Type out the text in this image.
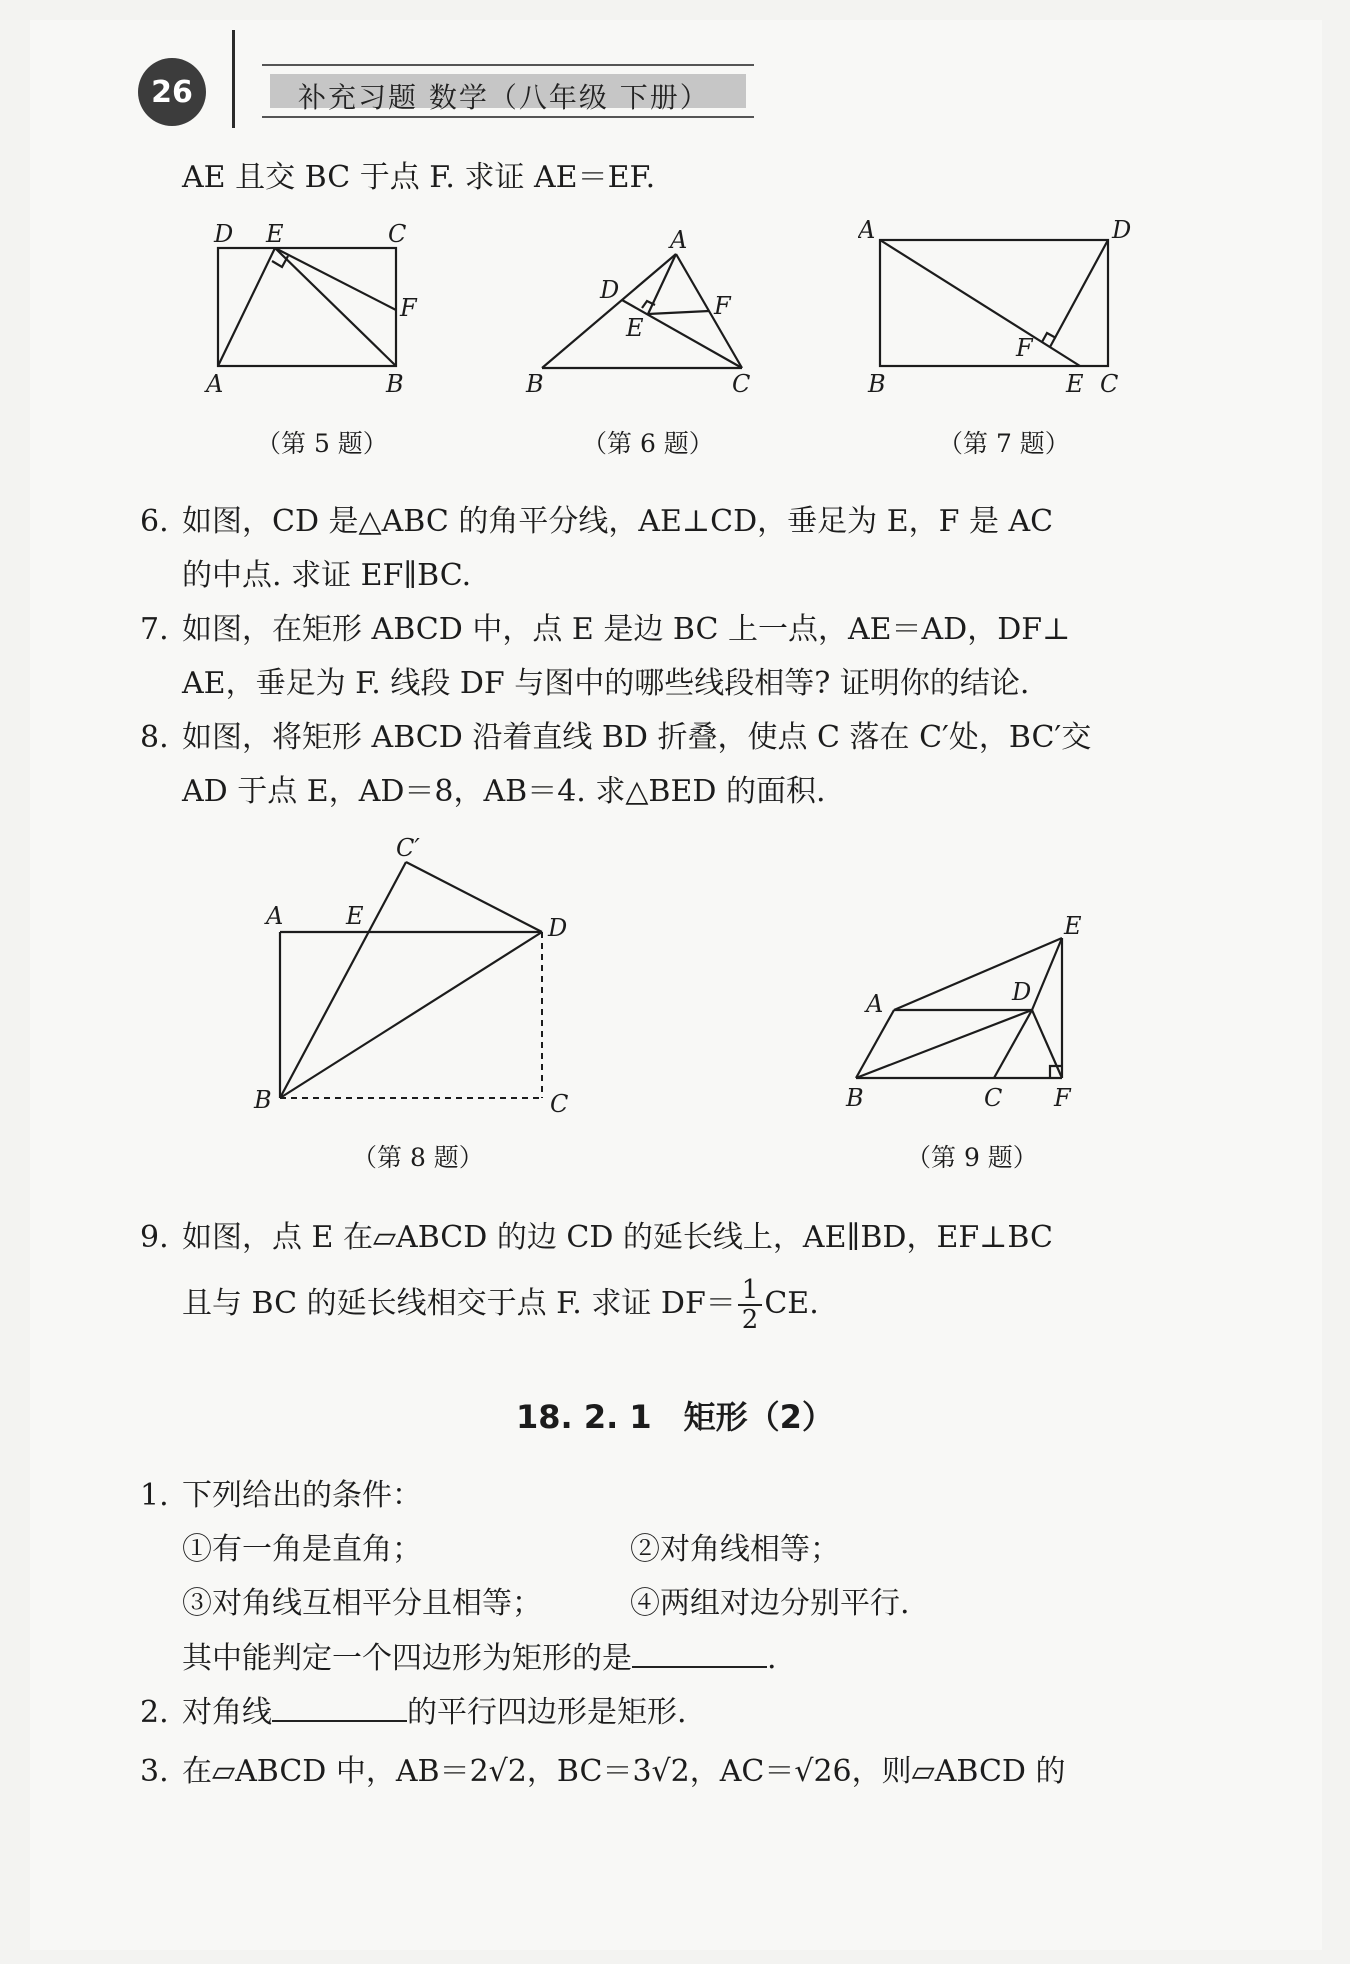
26	补充习题 数学（八年级 下册）
AE 且交 BC 于点 F. 求证 AE＝EF.
D E	C
F
A	B
（第 5 题）
A
D
F
E
B	C
（第 6 题）
A	D
F
B	E C
（第 7 题）
6. 如图，CD 是△ABC 的角平分线，AE⊥CD，垂足为 E，F 是 AC
的中点. 求证 EF∥BC.
7. 如图，在矩形 ABCD 中，点 E 是边 BC 上一点，AE＝AD，DF⊥
AE，垂足为 F. 线段 DF 与图中的哪些线段相等? 证明你的结论.
8. 如图，将矩形 ABCD 沿着直线 BD 折叠，使点 C 落在 C′处，BC′交
AD 于点 E，AD＝8，AB＝4. 求△BED 的面积.
C′
A	E	D
B	C
（第 8 题）
E
A	D
B	C F
（第 9 题）
9. 如图，点 E 在▱ABCD 的边 CD 的延长线上，AE∥BD，EF⊥BC
且与 BC 的延长线相交于点 F. 求证 $DF= \frac{1}{2}$ CE.
18. 2. 1　矩形（2）
1. 下列给出的条件：
①有一角是直角；	②对角线相等；
③对角线互相平分且相等；	④两组对边分别平行.
其中能判定一个四边形为矩形的是	.
2. 对角线	的平行四边形是矩形.
3. 在▱ABCD 中，AB＝2√2，BC＝3√2，AC＝√26，则▱ABCD 的
